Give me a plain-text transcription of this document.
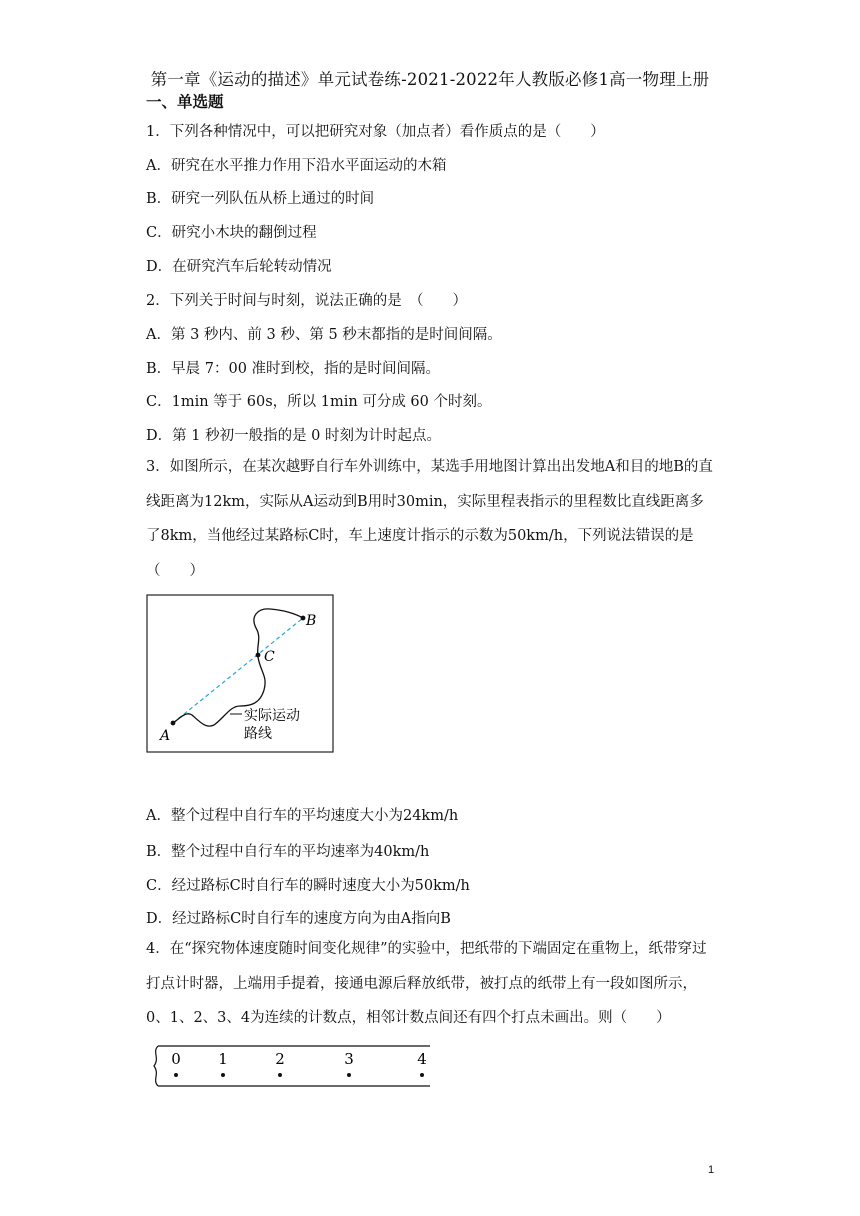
第一章《运动的描述》单元试卷练-2021-2022年人教版必修1高一物理上册
一、单选题
1．下列各种情况中，可以把研究对象（加点者）看作质点的是（　　）
A．研究在水平推力作用下沿水平面运动的木箱
B．研究一列队伍从桥上通过的时间
C．研究小木块的翻倒过程
D．在研究汽车后轮转动情况
2．下列关于时间与时刻，说法正确的是　（　　）
A．第 3 秒内、前 3 秒、第 5 秒末都指的是时间间隔。
B．早晨 7：00 准时到校，指的是时间间隔。
C．1min 等于 60s，所以 1min 可分成 60 个时刻。
D．第 1 秒初一般指的是 0 时刻为计时起点。
3．如图所示，在某次越野自行车外训练中，某选手用地图计算出出发地A和目的地B的直线距离为12km，实际从A运动到B用时30min，实际里程表指示的里程数比直线距离多了8km，当他经过某路标C时，车上速度计指示的示数为50km/h，下列说法错误的是（　　）
A
B
C
实际运动
路线
A．整个过程中自行车的平均速度大小为24km/h
B．整个过程中自行车的平均速率为40km/h
C．经过路标C时自行车的瞬时速度大小为50km/h
D．经过路标C时自行车的速度方向为由A指向B
4．在“探究物体速度随时间变化规律”的实验中，把纸带的下端固定在重物上，纸带穿过打点计时器，上端用手提着，接通电源后释放纸带，被打点的纸带上有一段如图所示，0、1、2、3、4为连续的计数点，相邻计数点间还有四个打点未画出。则（　　）
0 1	2	3	4
1
